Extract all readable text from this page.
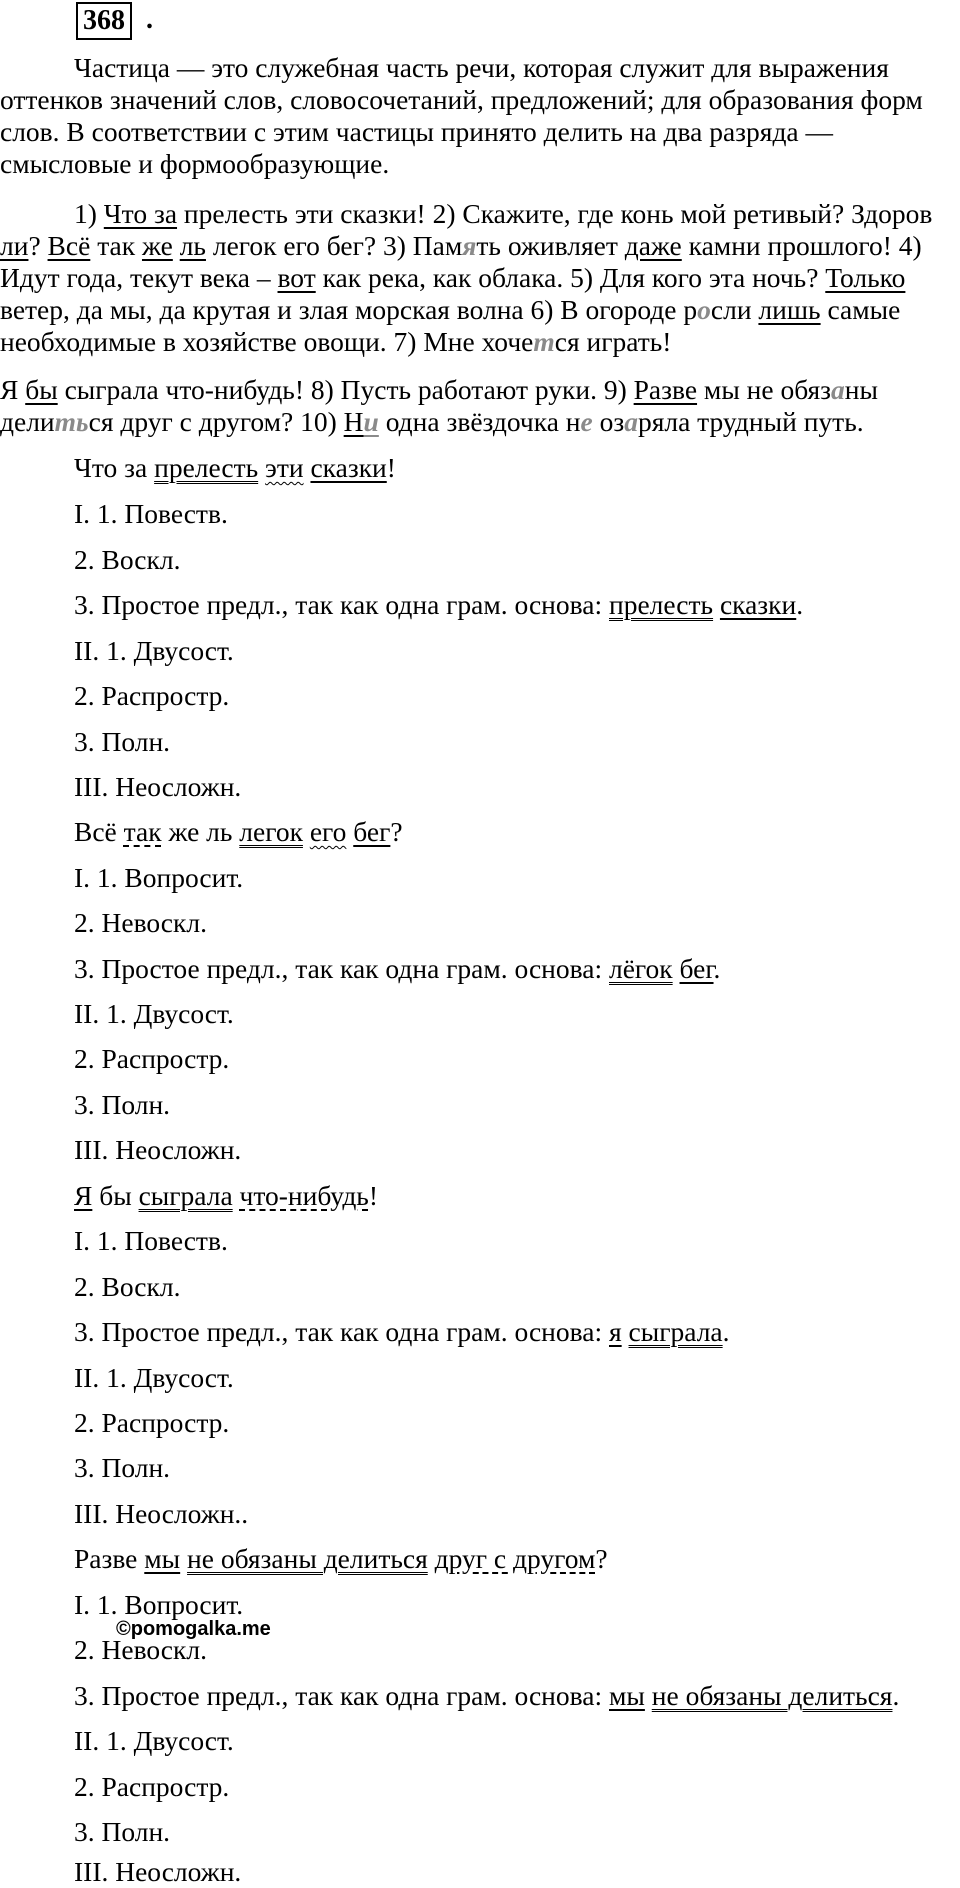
368 .

Частица — это служебная часть речи, которая служит для выражения оттенков значений слов, словосочетаний, предложений; для образования форм слов. В соответствии с этим частицы принято делить на два разряда — смысловые и формообразующие.

1) Что за прелесть эти сказки! 2) Скажите, где конь мой ретивый? Здоров ли? Всё так же ль легок его бег? 3) Память оживляет даже камни прошлого! 4) Идут года, текут века – вот как река, как облака. 5) Для кого эта ночь? Только ветер, да мы, да крутая и злая морская волна 6) В огороде росли лишь самые необходимые в хозяйстве овощи. 7) Мне хочется играть!

Я бы сыграла что-нибудь! 8) Пусть работают руки. 9) Разве мы не обязаны делиться друг с другом? 10) Ни одна звёздочка не озаряла трудный путь.

Что за прелесть эти сказки!

I. 1. Повеств.

2. Воскл.

3. Простое предл., так как одна грам. основа: прелесть сказки.

II. 1. Двусост.

2. Распростр.

3. Полн.

III. Неосложн.

Всё так же ль легок его бег?

I. 1. Вопросит.

2. Невоскл.

3. Простое предл., так как одна грам. основа: лёгок бег.

II. 1. Двусост.

2. Распростр.

3. Полн.

III. Неосложн.

Я бы сыграла что-нибудь!

I. 1. Повеств.

2. Воскл.

3. Простое предл., так как одна грам. основа: я сыграла.

II. 1. Двусост.

2. Распростр.

3. Полн.

III. Неосложн..

Разве мы не обязаны делиться друг с другом?

I. 1. Вопросит.

2. Невоскл.

3. Простое предл., так как одна грам. основа: мы не обязаны делиться.

II. 1. Двусост.

2. Распростр.

3. Полн.

III. Неосложн.

©pomogalka.me
